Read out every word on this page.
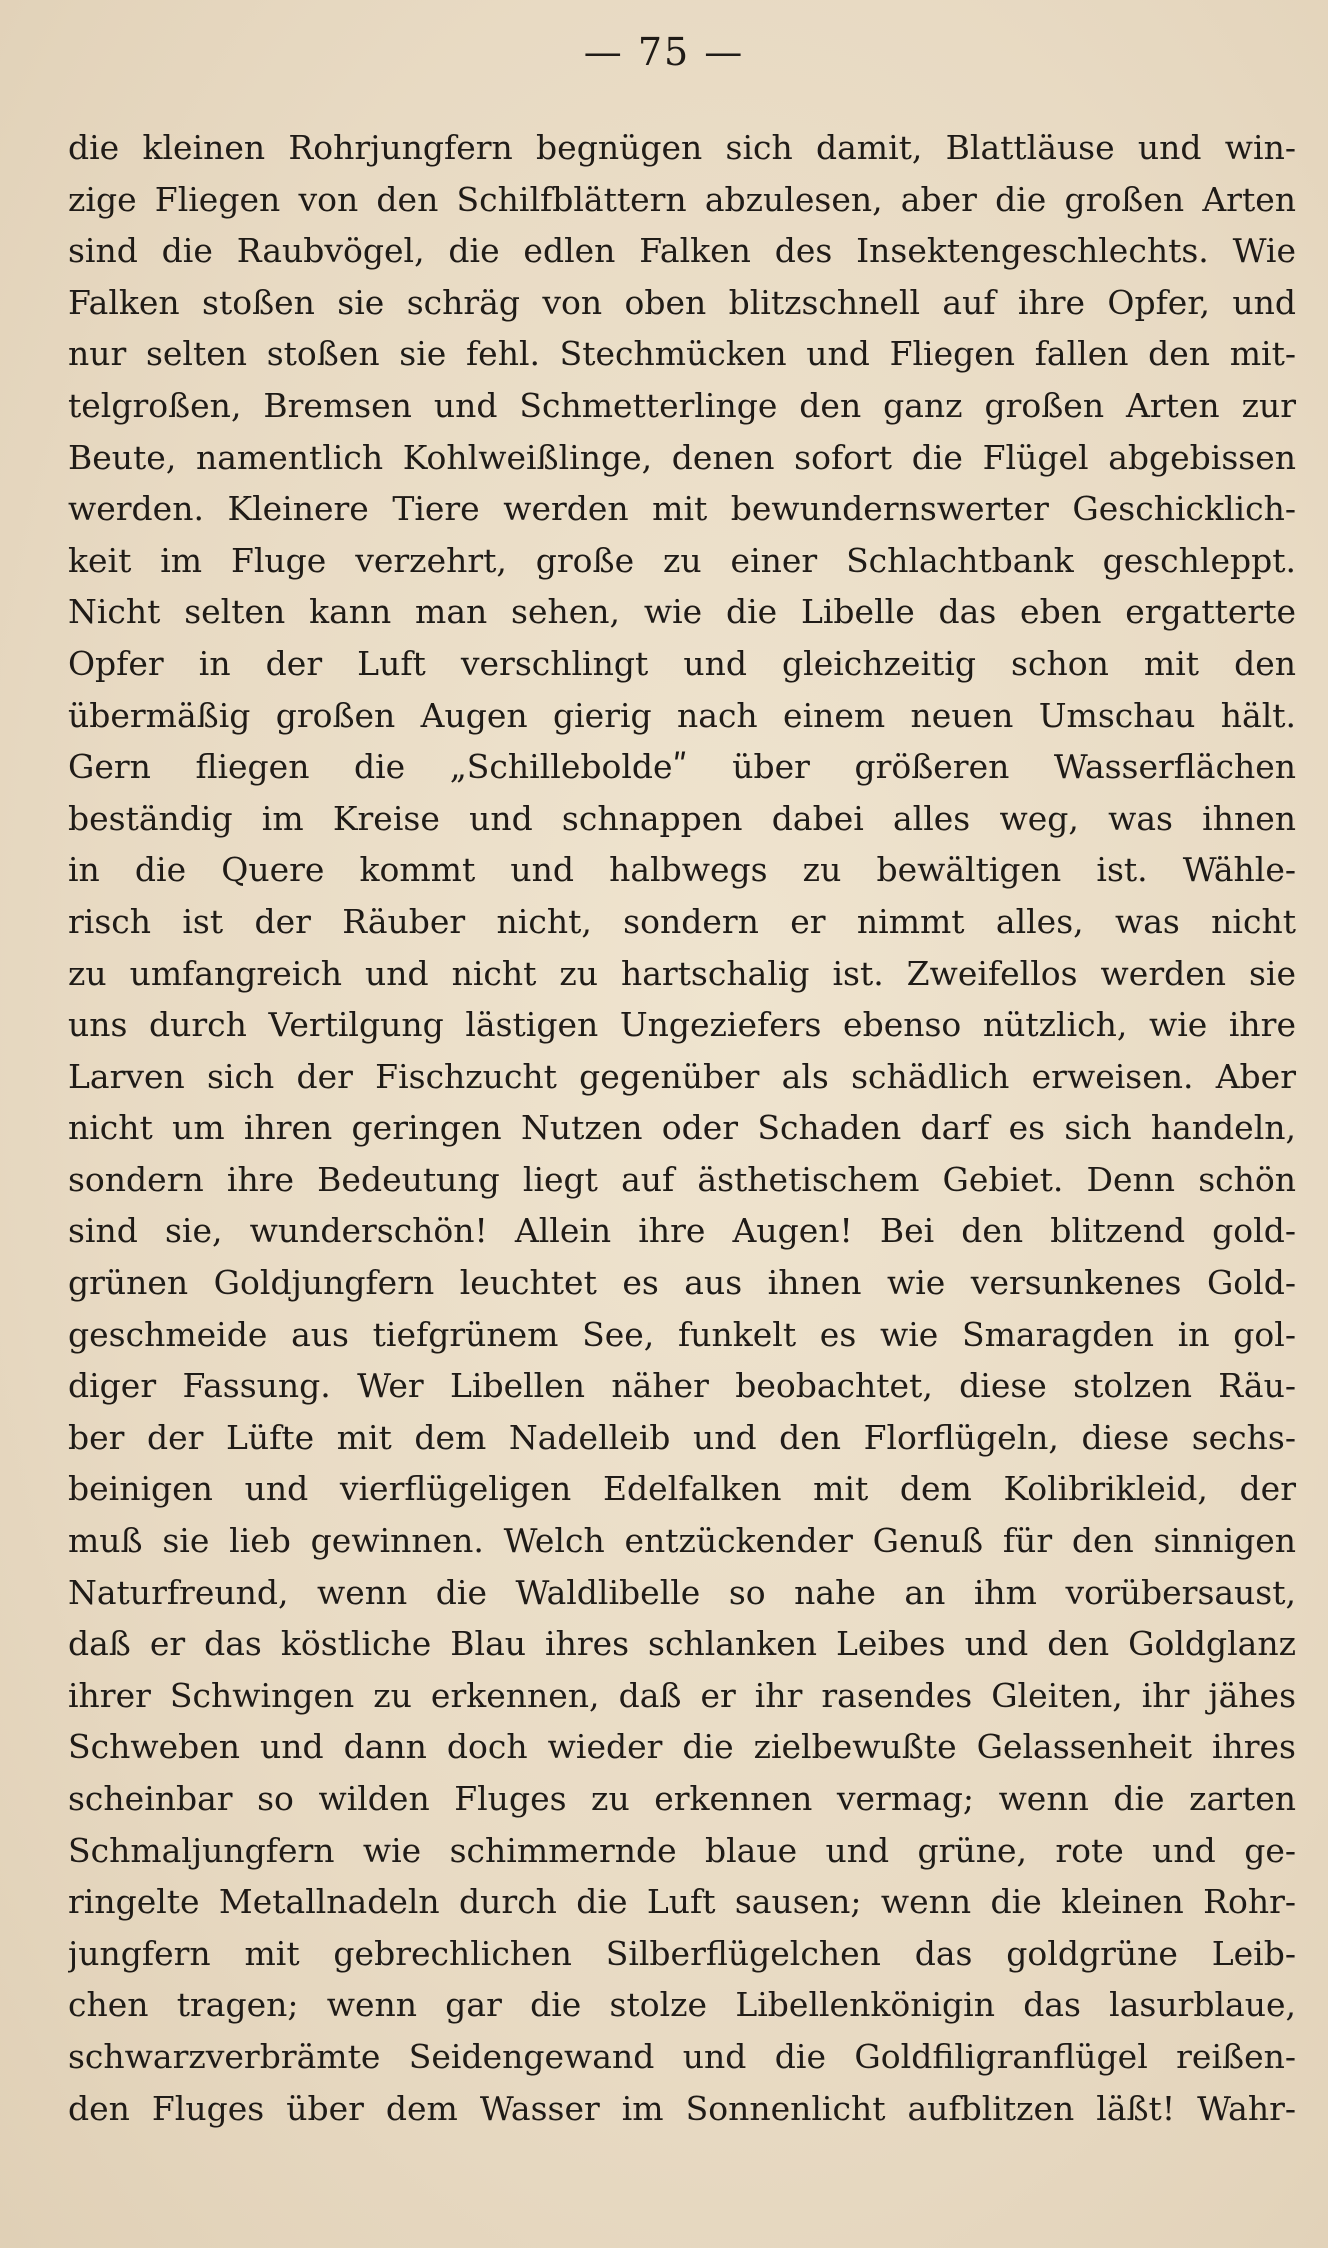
— 75 —
die kleinen Rohrjungfern begnügen sich damit, Blattläuse und win-
zige Fliegen von den Schilfblättern abzulesen, aber die großen Arten
sind die Raubvögel, die edlen Falken des Insektengeschlechts. Wie
Falken stoßen sie schräg von oben blitzschnell auf ihre Opfer, und
nur selten stoßen sie fehl. Stechmücken und Fliegen fallen den mit-
telgroßen, Bremsen und Schmetterlinge den ganz großen Arten zur
Beute, namentlich Kohlweißlinge, denen sofort die Flügel abgebissen
werden. Kleinere Tiere werden mit bewundernswerter Geschicklich-
keit im Fluge verzehrt, große zu einer Schlachtbank geschleppt.
Nicht selten kann man sehen, wie die Libelle das eben ergatterte
Opfer in der Luft verschlingt und gleichzeitig schon mit den
übermäßig großen Augen gierig nach einem neuen Umschau hält.
Gern fliegen die „Schilleboldeʺ über größeren Wasserflächen
beständig im Kreise und schnappen dabei alles weg, was ihnen
in die Quere kommt und halbwegs zu bewältigen ist. Wähle-
risch ist der Räuber nicht, sondern er nimmt alles, was nicht
zu umfangreich und nicht zu hartschalig ist. Zweifellos werden sie
uns durch Vertilgung lästigen Ungeziefers ebenso nützlich, wie ihre
Larven sich der Fischzucht gegenüber als schädlich erweisen. Aber
nicht um ihren geringen Nutzen oder Schaden darf es sich handeln,
sondern ihre Bedeutung liegt auf ästhetischem Gebiet. Denn schön
sind sie, wunderschön! Allein ihre Augen! Bei den blitzend gold-
grünen Goldjungfern leuchtet es aus ihnen wie versunkenes Gold-
geschmeide aus tiefgrünem See, funkelt es wie Smaragden in gol-
diger Fassung. Wer Libellen näher beobachtet, diese stolzen Räu-
ber der Lüfte mit dem Nadelleib und den Florflügeln, diese sechs-
beinigen und vierflügeligen Edelfalken mit dem Kolibrikleid, der
muß sie lieb gewinnen. Welch entzückender Genuß für den sinnigen
Naturfreund, wenn die Waldlibelle so nahe an ihm vorübersaust,
daß er das köstliche Blau ihres schlanken Leibes und den Goldglanz
ihrer Schwingen zu erkennen, daß er ihr rasendes Gleiten, ihr jähes
Schweben und dann doch wieder die zielbewußte Gelassenheit ihres
scheinbar so wilden Fluges zu erkennen vermag; wenn die zarten
Schmaljungfern wie schimmernde blaue und grüne, rote und ge-
ringelte Metallnadeln durch die Luft sausen; wenn die kleinen Rohr-
jungfern mit gebrechlichen Silberflügelchen das goldgrüne Leib-
chen tragen; wenn gar die stolze Libellenkönigin das lasurblaue,
schwarzverbrämte Seidengewand und die Goldfiligranflügel reißen-
den Fluges über dem Wasser im Sonnenlicht aufblitzen läßt! Wahr-
